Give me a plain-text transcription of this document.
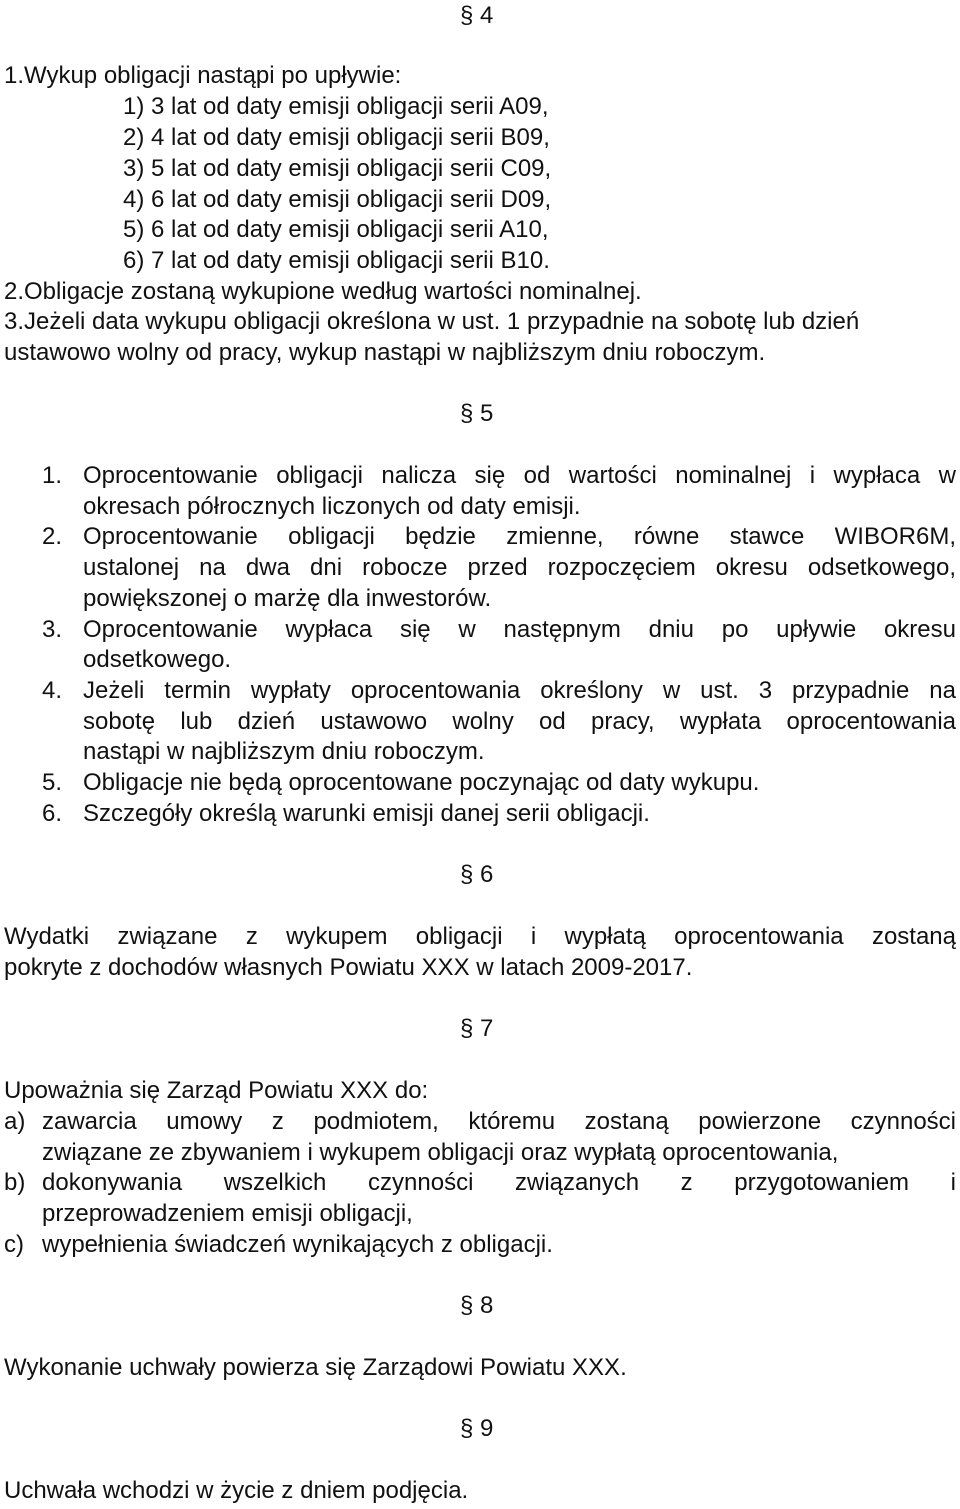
§ 4
1.Wykup obligacji nastąpi po upływie:
1) 3 lat od daty emisji obligacji serii A09,
2) 4 lat od daty emisji obligacji serii B09,
3) 5 lat od daty emisji obligacji serii C09,
4) 6 lat od daty emisji obligacji serii D09,
5) 6 lat od daty emisji obligacji serii A10,
6) 7 lat od daty emisji obligacji serii B10.
2.Obligacje zostaną wykupione według wartości nominalnej.
3.Jeżeli data wykupu obligacji określona w ust. 1 przypadnie na sobotę lub dzień
ustawowo wolny od pracy, wykup nastąpi w najbliższym dniu roboczym.
§ 5
1. Oprocentowanie obligacji nalicza się od wartości nominalnej i wypłaca w
okresach półrocznych liczonych od daty emisji.
2. Oprocentowanie obligacji będzie zmienne, równe stawce WIBOR6M,
ustalonej na dwa dni robocze przed rozpoczęciem okresu odsetkowego,
powiększonej o marżę dla inwestorów.
3. Oprocentowanie wypłaca się w następnym dniu po upływie okresu
odsetkowego.
4. Jeżeli termin wypłaty oprocentowania określony w ust. 3 przypadnie na
sobotę lub dzień ustawowo wolny od pracy, wypłata oprocentowania
nastąpi w najbliższym dniu roboczym.
5. Obligacje nie będą oprocentowane poczynając od daty wykupu.
6. Szczegóły określą warunki emisji danej serii obligacji.
§ 6
Wydatki związane z wykupem obligacji i wypłatą oprocentowania zostaną
pokryte z dochodów własnych Powiatu XXX w latach 2009-2017.
§ 7
Upoważnia się Zarząd Powiatu XXX do:
a) zawarcia umowy z podmiotem, któremu zostaną powierzone czynności
związane ze zbywaniem i wykupem obligacji oraz wypłatą oprocentowania,
b) dokonywania wszelkich czynności związanych z przygotowaniem i
przeprowadzeniem emisji obligacji,
c) wypełnienia świadczeń wynikających z obligacji.
§ 8
Wykonanie uchwały powierza się Zarządowi Powiatu XXX.
§ 9
Uchwała wchodzi w życie z dniem podjęcia.
